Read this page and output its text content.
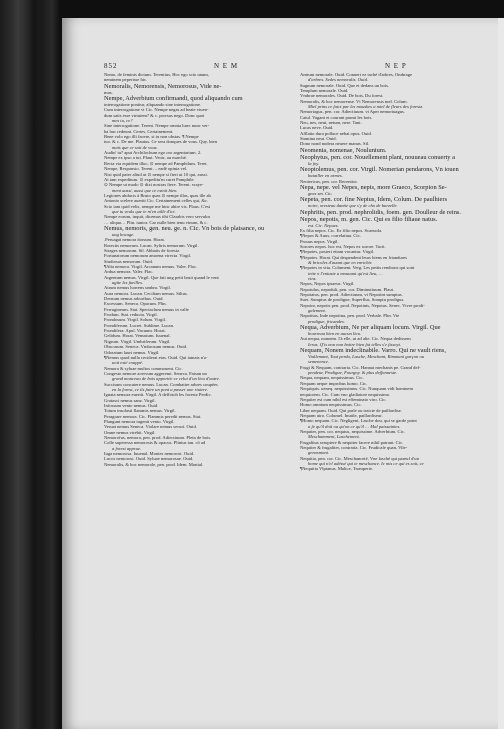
852	N E M	N E P
Nemo, de feminis dictum. Terentius, Hoc ego scio unum,
neminem peperisse hic.
Nemoralis, Nemorensis, Nemorosus, Vide ne-
mus.
Nempe, Adverbium confirmandi, quod aliquando cum
interrogatione ponitur, aliquando sine interrogatione.
Cum interrogatione vt Cic. Nempe negas ad beate viuen-
dum satis esse virtutem? & c. prorsus nego. Donc quoi
mes tu, ce?
Sine interrogatione. Terent. Nempe omnia haec nunc ver-
ba huc redeunt. Certes, Certainement.
Bene volo ego illi facere, si tu non obstas. ¶ Nempe
tuo. & c. De me. Plautus. Ce sera donques de vous. Quy, bien
mais que ce soit de vous.
Audin' tu? aput Archilochum ego oro argentarium. 2.
Nempe ex ipso a tui. Plaut. Veoir, au marché.
Recta via equidem illuc, ⊙ nempe ad Pamphilum. Teret.
Nempe, Responsio. Terent. ‒ eadē opinia vel.
Nisi quid pater aliud ut ⊙ nempe si fieri ut 10 qui, aussi.
At iam expeditum. ⊙ expeditu'm curet Pamphile.
⊙ Nempe ut modo ⊙ dixi nostras fiere. Terent. vraye-
ment aussi, aussi que ce estoit bien.
Legiones abducis à Bruto quas ⊙ nempe illas, quas ille ab
Antonio scelere auertit Cic. Certainement celles qui, &c.
Scio iam quid velis, nempe me hinc abire vis. Plaus. C'est
que tu veulx que ie m'en aille d'ici.
Nempe eorum, inquit, dicemus tibi Clarabis vero servulos
… aliqua… Plin. iunior. Car nulle bien tenu vinum, & c.
Nemus, nemoris, gen. neu. ge. n. Cic. Vn bois de plaisance, ou
ung bocage.
.Peruagat nemora dorsum. Horat.
Rotectis nemorum. Lucan. Syltris nemorum. Virgil.
Strages nemorum. Sil. Abbatis de forestz.
Fortunatorum nemorum amoena virecta. Virgil.
Studiosas nemorum. Ouid.
¶Alta nemora. Virgil. Arcanum nemus. Valer. Flac.
Ardua nemora. Valer. Flac.
Argentum nemus. Virgil. Que fait ung petit bruit quand le vent
agite les fueilles.
Atrum nemus horrens umbra. Virgil.
Aura nemora. Lucan. Ceciliam nemus. Silius.
Densum nemus arboribus. Ouid.
Excessum. Seneca. Opacum. Plin.
Ferrugineum. Stat. Spectaclum nemus in valle
Frodum. Stat. reducta. Virgil.
Frondosum. Virgil. Solum. Virgil.
Frondiferum. Lucret. Sublime. Lucan.
Frondifera. Apul. Vacuum. Horat.
Gelidum. Horat. Venustum. Iuuenal.
Nigrum. Virgil. Umbriferum. Virgil.
Obscurum. Seneca. Vmbrosum nemus. Ouid.
Odoratum lauri nemus. Virgil.
¶Nemus quod nulla ceciderat etas. Ouid. Qui iamais n'a-
uoit esté couppé.
Nemora & syluae multos commouent. Cic.
Congesto nemore acervum aggeremi. Seneca. Faisan un
grand monceau de bois apportée ce celui d'un lieu d'autre.
Succisum concutere nemus. Lucan. Combattre arbres coupées
en la forest, ce ils faire un pont a passer une riuiere.
Ignata nemora euertit. Virgil. A deffoioh les forestz Perdic.
Gratasci nemus sanz. Virgil.
Infossum vento nemus. Ouid.
Totum insolasit flammis nemus. Virgil.
Peragrare nemora. Cic. Flammis peredit nemus. Stat.
Plangunt nemora iugenti vento. Virgil.
Veruat nemus Seneca. Violare nemus securi. Ouid.
Omne nemus virebit. Virgil.
Nemorofus, nemora, pen. prod. Adiectiuum. Plein de bois.
Colle superessa nemorosis & opacus. Plinius tan. cō ad
a forest apprue.
Iuga nemorosa. Iuuenal. Montes nemorosi. Ouid.
Lucos nemorosi. Ouid. Syluae nemorosae. Ouid.
Nemoralis, & hoc nemorale, pen. prod. Idem. Martial.
Antrum nemorale. Ouid. Conuert ez taché d'arbres, Ombrage
d'arbres. Sedes nemoralis. Ouid.
Sugnum nemorale. Ouid. Que et dedans un bois.
Templum nemorale. Ouid.
Vmbrae nemorales. Ouid. De bois, Du forest.
Nemoralis, & hoc nemorense. Vt Nemorensis mel. Colum.
Miel prins ce faict par les mouskes a miel de fleurs des forestz.
Nemoriagus, pen. cor. Adiectiuum. vt Aper nemoriuagus.
Catul. Vagant et courant parmi les bois.
Neo, nes, neui, netum, nere. Tant.
Lucas neve. Ouid.
Afflatio dura polluce nebat opus. Ouid.
Stamina neui. Ouid.
Dono nond nodera neuere manus. Sil.
Neomenia, nomenae, Noulunium.
Neophytus, pen. cor. Nouellement plant, nouueau conuerty a
la foy.
Neoptolemus, pen. cor. Virgil. Nomerian pendarons, Vn iouen
batailler en armes.
Neotericus, pen. cor. Recentior.
Nepa, nepe. vel Nepes, nepis, more Graeco, Scorpion Se-
gnes sm. Cic.
Nepeta, pen. cor. fine Nepius, Idem, Colum. De paulhiers
noire, oresteau dantie que s'y de cho de hurzelle.
Nephritis, pen. prod. nephrolidis, foem. gen. Doulleur de reins.
Nepos, nepotis, m. gen. Cic. Qui es filio filiaue natus.
est. Cic. Nepuez.
Ex filia nepos. Cic. Ex filio nepos. Scaeuola.
¶Nepos & Auus, correlatiua. Cic.
Prouus nepos. Virgil.
Sorores nepos. hoc est, Nepos ex sorore. Tacit.
¶Nepotes, posteri etiam vocantur. Virgil.
¶Nepotes. Horat. Qui despendent leurs biens en friandures
& bricoles d'auant que en enrichir.
¶Nepotes in vita. Colument. Verg. Les petits rendrons qui sont
iette o l'entuste a mouuant qu'est lieu, …
vins.
Nepos, Nepos ipsaeus. Virgil.
Nepotulus, nepoduli, pen. cor. Diminutiuum. Plaut.
Nepotatus, pen. prod. Adiectiuum, vt Nepotini sumptus.
Suet. Sumptus de prodigue, Superflus, Somptu prodigus.
Nepotor, nepotis pen. prod. Nepotinis, Nepotus. Senec. Vivre prodi-
galement.
Nepotitas, Inde nepotina, pen. prod. Verbale. Plin. Vie
prodigue, fricandes.
Nequa, Adverbium, Ne per aliquam locum. Virgil. Que
bourreau bien en aucun lieu.
Aut nequa, nonnem. l'à elle, ut ad alie. Cic. Nequa dedissem
Ieras. Q'is non non boitre bien fut telles s'e fissoyt.
Nequam, Nonem indeclinabile. Varro. Qui ne vault riens,
Viallemant, Tout perdu, Lasche, Meschant, Rimmani garçon ou
semenence.
Frugi & Nequam, contraria. Cic. Hannai mechanis pe. Grand def-
pendeur, Prodigue, Fourgoy. & plus deffonneste.
Nequa, nequam, nequissimus. Cic.
Nequam aeque improbus homo. Cic.
Nequiquis. ueneq. nequissimus. Cic. Nunquam vidi hominem
nequiorem. Cic. Cum vno gladiatore nequissimo.
Nequiter est cum nihil est effeminato viro. Cic.
Homo omnium nequissimus. Cic.
Liber nequam. Ouid. Qui parle ou traicte de paillardise.
Nequam uiro. Columel. Inutile, paillardiseur.
¶Homo nequam. Cic. Negligent, Lasche dou, qui se garde point
a fe qu'il doit ou qu'on ce qu'il … Mal paissaintes.
Nequiter, pen. cor. nequius, nequissime. Adverbium. Cic.
Meschamment, Laschement.
Frugaliius seruptere & nequiter facere nihil patrant. Cic.
Nequiter & frugaliter, contraria. Cic. Frudicale quan, Vile-
genosmont.
Nequitia, pen. cor. Cic. Meschanceté, Vne lasché qui pareuf d'un
home qui n'el adéssé qui te meschance. Ic mis ce qui es soit, ce
¶Nequitia Vlpianus. Malice, Tromperie.
